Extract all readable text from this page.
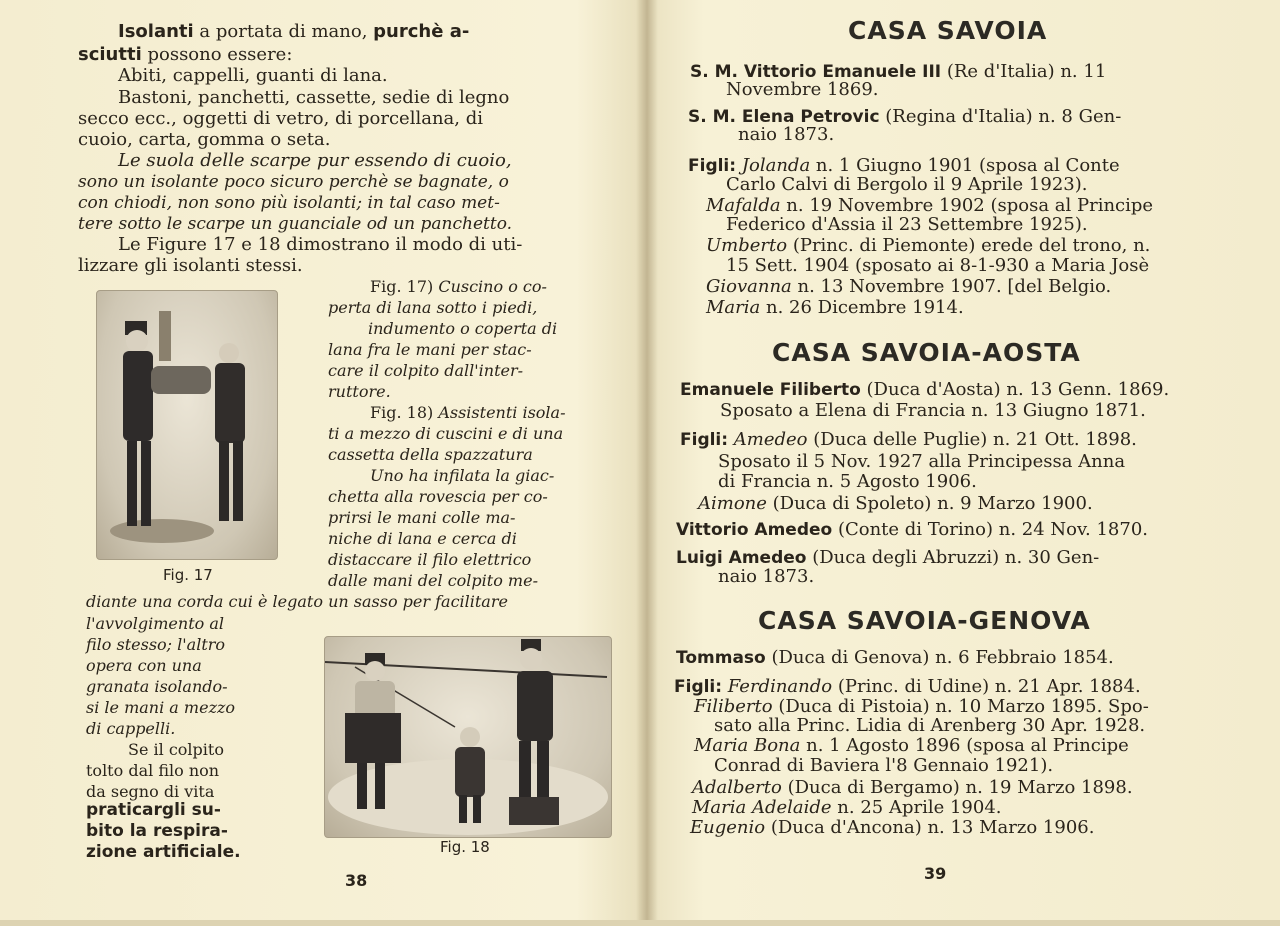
Isolanti a portata di mano, purchè a-
sciutti possono essere:
Abiti, cappelli, guanti di lana.
Bastoni, panchetti, cassette, sedie di legno
secco ecc., oggetti di vetro, di porcellana, di
cuoio, carta, gomma o seta.
Le suola delle scarpe pur essendo di cuoio,
sono un isolante poco sicuro perchè se bagnate, o
con chiodi, non sono più isolanti; in tal caso met-
tere sotto le scarpe un guanciale od un panchetto.
Le Figure 17 e 18 dimostrano il modo di uti-
lizzare gli isolanti stessi.
Fig. 17) Cuscino o co-
perta di lana sotto i piedi,
indumento o coperta di
lana fra le mani per stac-
care il colpito dall'inter-
ruttore.
Fig. 18) Assistenti isola-
ti a mezzo di cuscini e di una
cassetta della spazzatura
Uno ha infilata la giac-
chetta alla rovescia per co-
prirsi le mani colle ma-
niche di lana e cerca di
distaccare il filo elettrico
dalle mani del colpito me-
Fig. 17
diante una corda cui è legato un sasso per facilitare
l'avvolgimento al
filo stesso; l'altro
opera con una
granata isolando-
si le mani a mezzo
di cappelli.
Se il colpito
tolto dal filo non
da segno di vita
praticargli su-
bito la respira-
zione artificiale.	Fig. 18
38
CASA SAVOIA
CASA SAVOIA-AOSTA
CASA SAVOIA-GENOVA
39
S. M. Vittorio Emanuele III (Re d'Italia) n. 11
Novembre 1869.
S. M. Elena Petrovic (Regina d'Italia) n. 8 Gen-
naio 1873.
Figli: Jolanda n. 1 Giugno 1901 (sposa al Conte
Carlo Calvi di Bergolo il 9 Aprile 1923).
Mafalda n. 19 Novembre 1902 (sposa al Principe
Federico d'Assia il 23 Settembre 1925).
Umberto (Princ. di Piemonte) erede del trono, n.
15 Sett. 1904 (sposato ai 8-1-930 a Maria Josè
Giovanna n. 13 Novembre 1907. [del Belgio.
Maria n. 26 Dicembre 1914.
Emanuele Filiberto (Duca d'Aosta) n. 13 Genn. 1869.
Sposato a Elena di Francia n. 13 Giugno 1871.
Figli: Amedeo (Duca delle Puglie) n. 21 Ott. 1898.
Sposato il 5 Nov. 1927 alla Principessa Anna
di Francia n. 5 Agosto 1906.
Aimone (Duca di Spoleto) n. 9 Marzo 1900.
Vittorio Amedeo (Conte di Torino) n. 24 Nov. 1870.
Luigi Amedeo (Duca degli Abruzzi) n. 30 Gen-
naio 1873.
Tommaso (Duca di Genova) n. 6 Febbraio 1854.
Figli: Ferdinando (Princ. di Udine) n. 21 Apr. 1884.
Filiberto (Duca di Pistoia) n. 10 Marzo 1895. Spo-
sato alla Princ. Lidia di Arenberg 30 Apr. 1928.
Maria Bona n. 1 Agosto 1896 (sposa al Principe
Conrad di Baviera l'8 Gennaio 1921).
Adalberto (Duca di Bergamo) n. 19 Marzo 1898.
Maria Adelaide n. 25 Aprile 1904.
Eugenio (Duca d'Ancona) n. 13 Marzo 1906.
